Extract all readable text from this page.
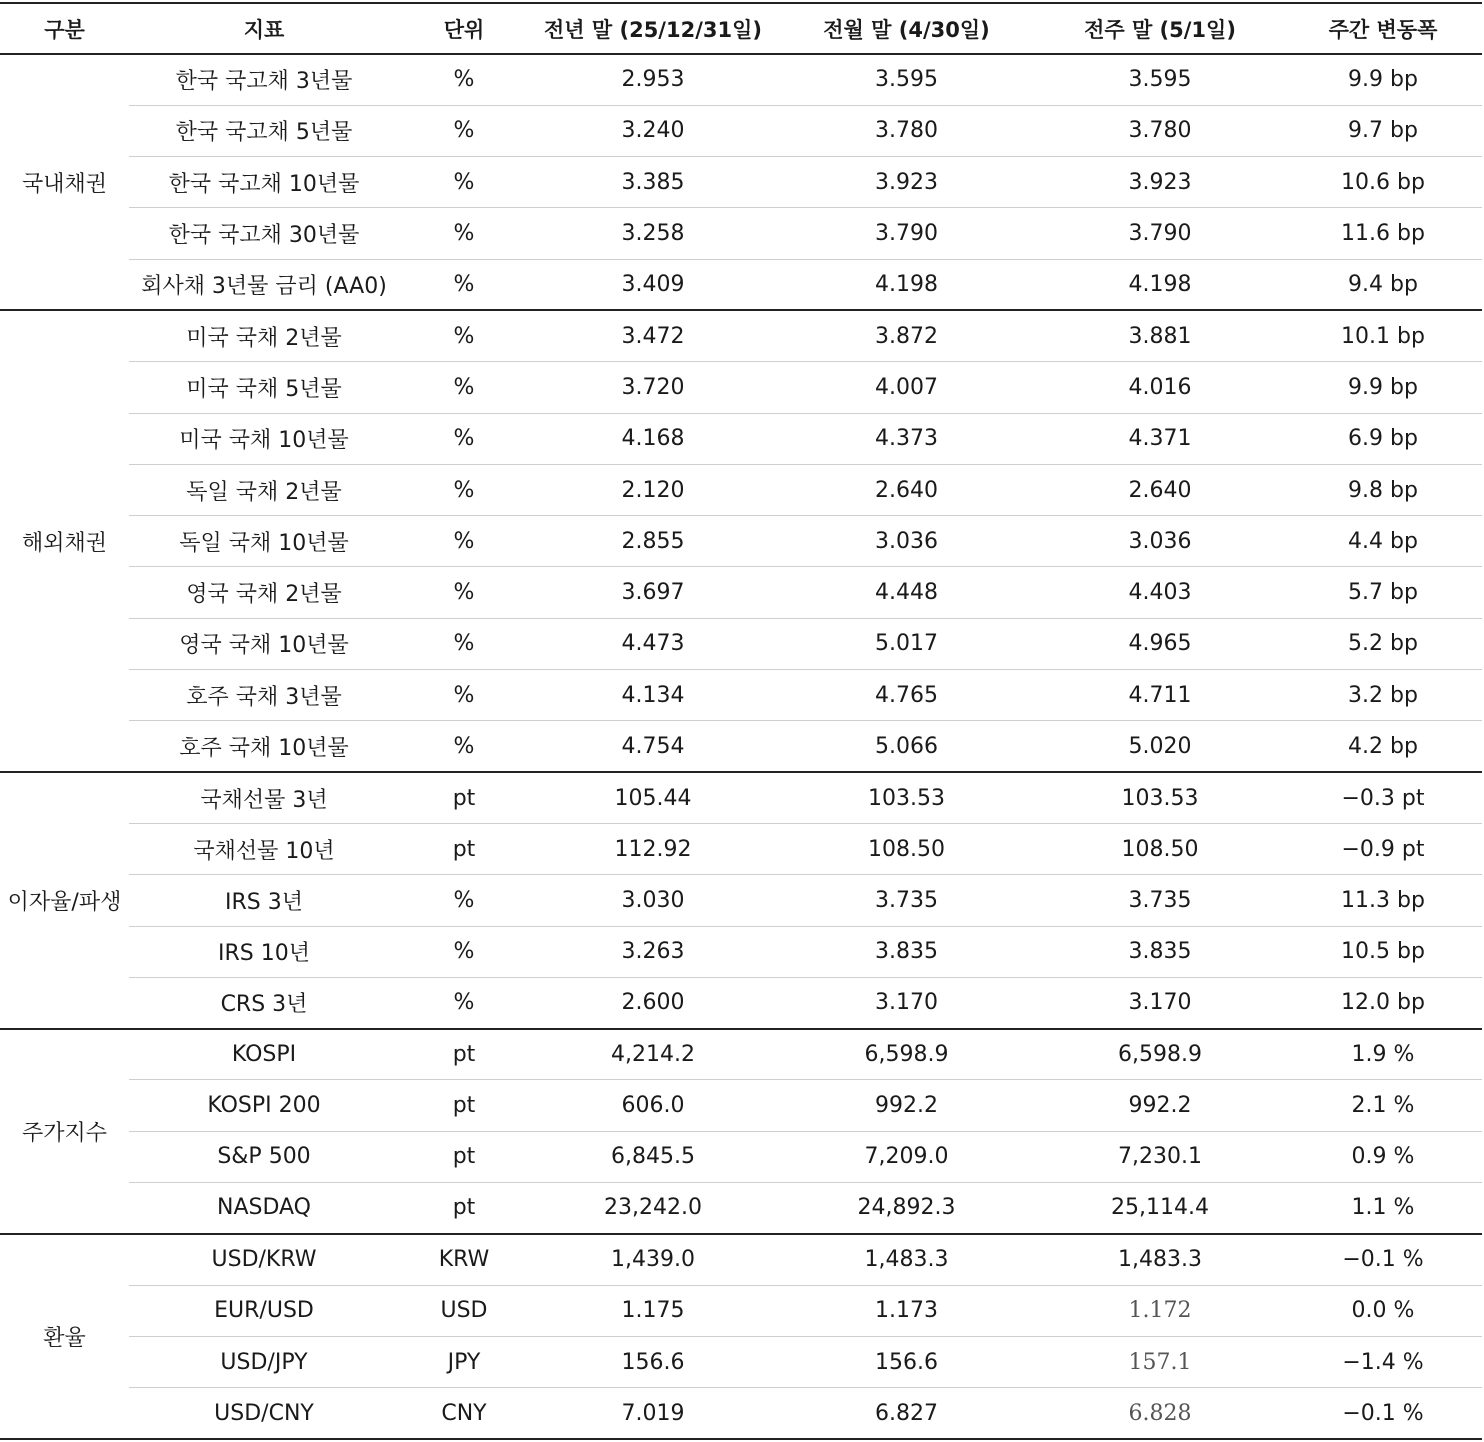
구분	지표	단위	전년 말 (25/12/31일)	전월 말 (4/30일)	전주 말 (5/1일)	주간 변동폭
국내채권	한국 국고채 3년물	%	2.953	3.595	3.595	9.9 bp
	한국 국고채 5년물	%	3.240	3.780	3.780	9.7 bp
	한국 국고채 10년물	%	3.385	3.923	3.923	10.6 bp
	한국 국고채 30년물	%	3.258	3.790	3.790	11.6 bp
	회사채 3년물 금리 (AA0)	%	3.409	4.198	4.198	9.4 bp
해외채권	미국 국채 2년물	%	3.472	3.872	3.881	10.1 bp
	미국 국채 5년물	%	3.720	4.007	4.016	9.9 bp
	미국 국채 10년물	%	4.168	4.373	4.371	6.9 bp
	독일 국채 2년물	%	2.120	2.640	2.640	9.8 bp
	독일 국채 10년물	%	2.855	3.036	3.036	4.4 bp
	영국 국채 2년물	%	3.697	4.448	4.403	5.7 bp
	영국 국채 10년물	%	4.473	5.017	4.965	5.2 bp
	호주 국채 3년물	%	4.134	4.765	4.711	3.2 bp
	호주 국채 10년물	%	4.754	5.066	5.020	4.2 bp
이자율/파생	국채선물 3년	pt	105.44	103.53	103.53	−0.3 pt
	국채선물 10년	pt	112.92	108.50	108.50	−0.9 pt
	IRS 3년	%	3.030	3.735	3.735	11.3 bp
	IRS 10년	%	3.263	3.835	3.835	10.5 bp
	CRS 3년	%	2.600	3.170	3.170	12.0 bp
주가지수	KOSPI	pt	4,214.2	6,598.9	6,598.9	1.9 %
	KOSPI 200	pt	606.0	992.2	992.2	2.1 %
	S&P 500	pt	6,845.5	7,209.0	7,230.1	0.9 %
	NASDAQ	pt	23,242.0	24,892.3	25,114.4	1.1 %
환율	USD/KRW	KRW	1,439.0	1,483.3	1,483.3	−0.1 %
	EUR/USD	USD	1.175	1.173	1.172	0.0 %
	USD/JPY	JPY	156.6	156.6	157.1	−1.4 %
	USD/CNY	CNY	7.019	6.827	6.828	−0.1 %
